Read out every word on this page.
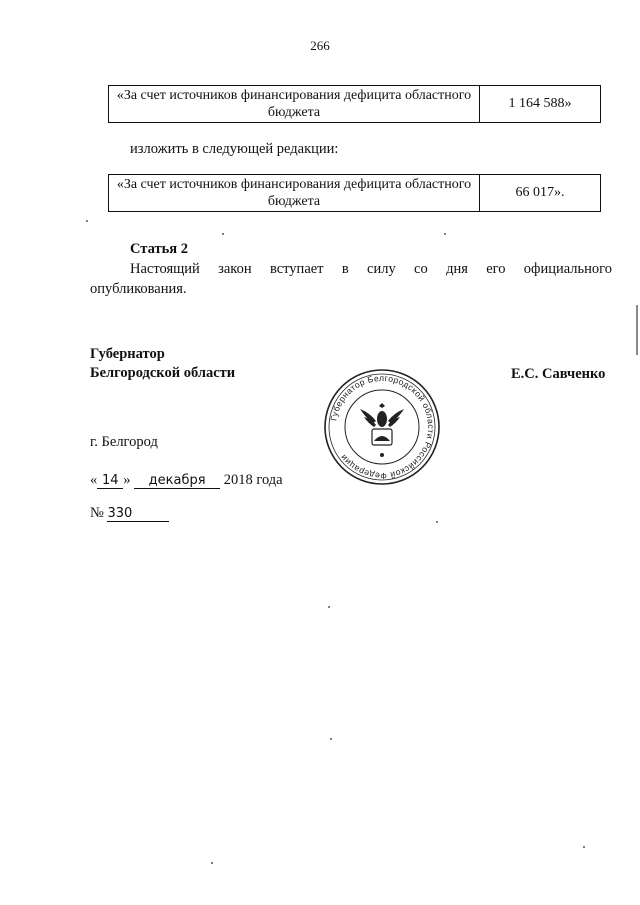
266
«За счет источников финансирования дефицита областного бюджета	1 164 588»
изложить в следующей редакции:
«За счет источников финансирования дефицита областного бюджета	66 017».
Статья 2
Настоящий закон вступает в силу со дня его официального
опубликования.
Губернатор
Белгородской области	Е.С. Савченко
Губернатор Белгородской области Российской Федерации
г. Белгород
« 14 » декабря 2018 года
№ 330
